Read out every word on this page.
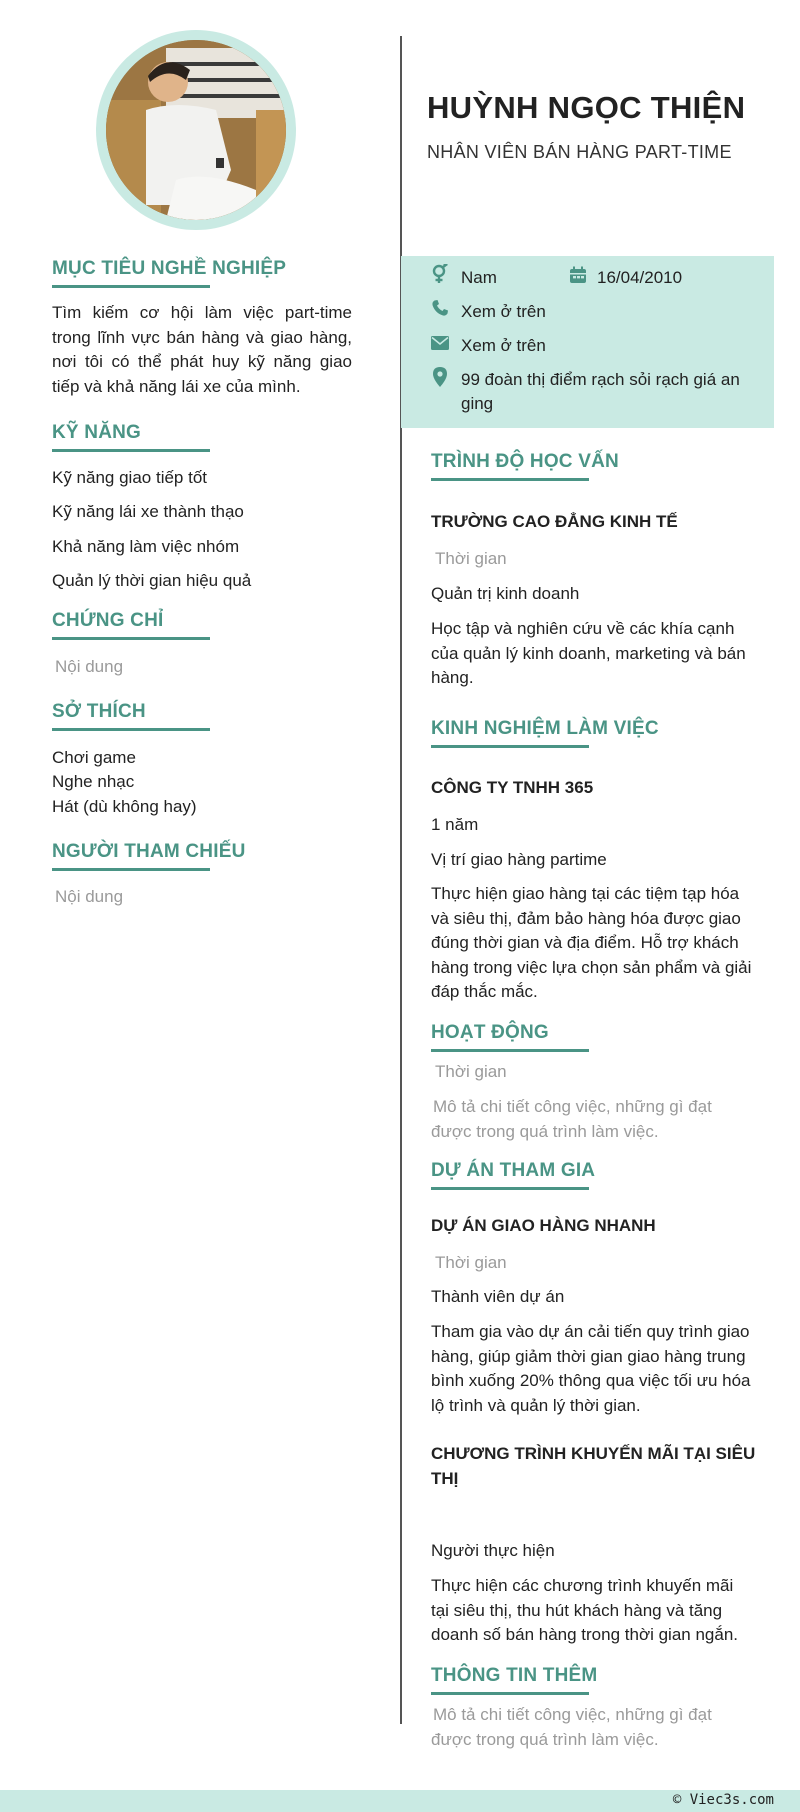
MỤC TIÊU NGHỀ NGHIỆP
Tìm kiếm cơ hội làm việc part-time
trong lĩnh vực bán hàng và giao hàng,
nơi tôi có thể phát huy kỹ năng giao
tiếp và khả năng lái xe của mình.
KỸ NĂNG
Kỹ năng giao tiếp tốt
Kỹ năng lái xe thành thạo
Khả năng làm việc nhóm
Quản lý thời gian hiệu quả
CHỨNG CHỈ
Nội dung
SỞ THÍCH
Chơi game
Nghe nhạc
Hát (dù không hay)
NGƯỜI THAM CHIẾU
Nội dung
HUỲNH NGỌC THIỆN
NHÂN VIÊN BÁN HÀNG PART-TIME
Nam	16/04/2010
Xem ở trên
Xem ở trên
99 đoàn thị điểm rạch sỏi rạch giá an
ging
TRÌNH ĐỘ HỌC VẤN
TRƯỜNG CAO ĐẲNG KINH TẾ
Thời gian
Quản trị kinh doanh
Học tập và nghiên cứu về các khía cạnh
của quản lý kinh doanh, marketing và bán
hàng.
KINH NGHIỆM LÀM VIỆC
CÔNG TY TNHH 365
1 năm
Vị trí giao hàng partime
Thực hiện giao hàng tại các tiệm tạp hóa
và siêu thị, đảm bảo hàng hóa được giao
đúng thời gian và địa điểm. Hỗ trợ khách
hàng trong việc lựa chọn sản phẩm và giải
đáp thắc mắc.
HOẠT ĐỘNG
Thời gian
Mô tả chi tiết công việc, những gì đạt
được trong quá trình làm việc.
DỰ ÁN THAM GIA
DỰ ÁN GIAO HÀNG NHANH
Thời gian
Thành viên dự án
Tham gia vào dự án cải tiến quy trình giao
hàng, giúp giảm thời gian giao hàng trung
bình xuống 20% thông qua việc tối ưu hóa
lộ trình và quản lý thời gian.
CHƯƠNG TRÌNH KHUYẾN MÃI TẠI SIÊU
THỊ
Người thực hiện
Thực hiện các chương trình khuyến mãi
tại siêu thị, thu hút khách hàng và tăng
doanh số bán hàng trong thời gian ngắn.
THÔNG TIN THÊM
Mô tả chi tiết công việc, những gì đạt
được trong quá trình làm việc.
© Viec3s.com
